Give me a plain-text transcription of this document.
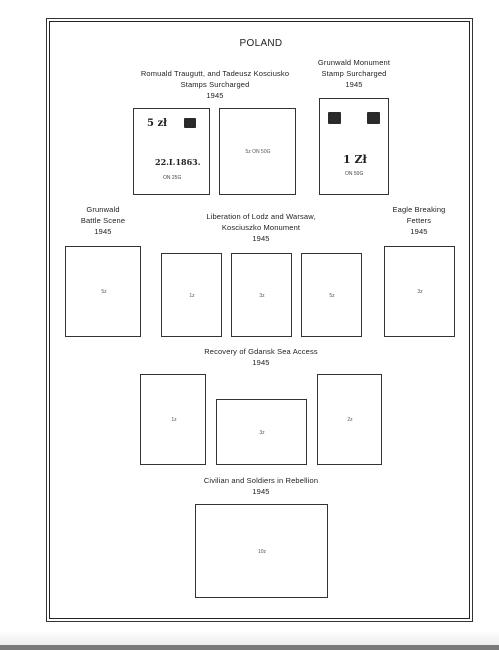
POLAND
Romuald Traugutt, and Tadeusz Kosciusko
Stamps Surcharged
1945
Grunwald Monument
Stamp Surcharged
1945
5 zł
22.I.1863.
ON 25G
5z ON 50G
1 Zł
ON 50G
Grunwald
Battle Scene
1945
Liberation of Lodz and Warsaw,
Kosciuszko Monument
1945
Eagle Breaking
Fetters
1945
5z
1z	3z	5z
3z
Recovery of Gdansk Sea Access
1945
1z
3z
2z
Civilian and Soldiers in Rebellion
1945
10z
